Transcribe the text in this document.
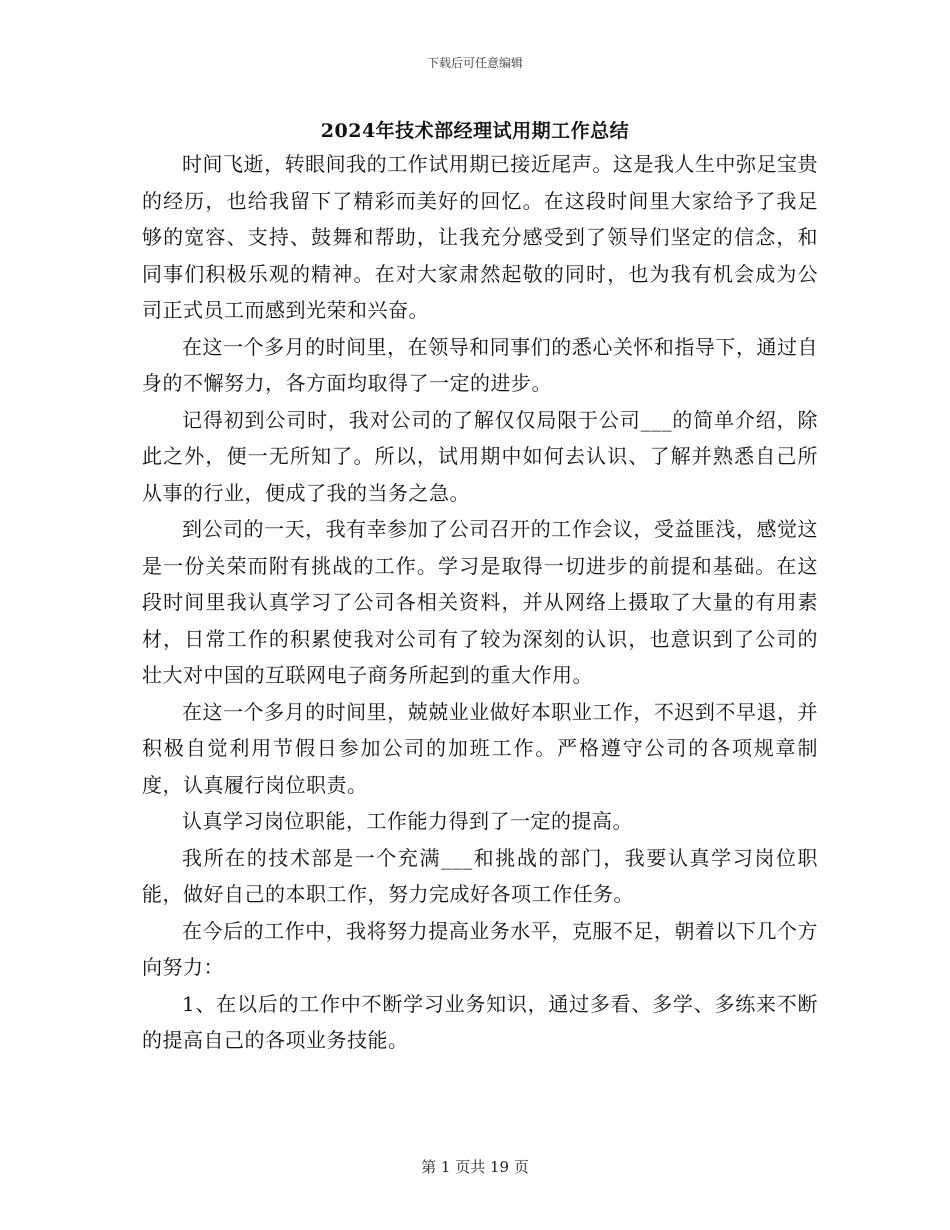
下载后可任意编辑
2024年技术部经理试用期工作总结

时间飞逝，转眼间我的工作试用期已接近尾声。这是我人生中弥足宝贵的经历，也给我留下了精彩而美好的回忆。在这段时间里大家给予了我足够的宽容、支持、鼓舞和帮助，让我充分感受到了领导们坚定的信念，和同事们积极乐观的精神。在对大家肃然起敬的同时，也为我有机会成为公司正式员工而感到光荣和兴奋。

在这一个多月的时间里，在领导和同事们的悉心关怀和指导下，通过自身的不懈努力，各方面均取得了一定的进步。

记得初到公司时，我对公司的了解仅仅局限于公司___的简单介绍，除此之外，便一无所知了。所以，试用期中如何去认识、了解并熟悉自己所从事的行业，便成了我的当务之急。

到公司的一天，我有幸参加了公司召开的工作会议，受益匪浅，感觉这是一份关荣而附有挑战的工作。学习是取得一切进步的前提和基础。在这段时间里我认真学习了公司各相关资料，并从网络上摄取了大量的有用素材，日常工作的积累使我对公司有了较为深刻的认识，也意识到了公司的壮大对中国的互联网电子商务所起到的重大作用。

在这一个多月的时间里，兢兢业业做好本职业工作，不迟到不早退，并积极自觉利用节假日参加公司的加班工作。严格遵守公司的各项规章制度，认真履行岗位职责。

认真学习岗位职能，工作能力得到了一定的提高。

我所在的技术部是一个充满___和挑战的部门，我要认真学习岗位职能，做好自己的本职工作，努力完成好各项工作任务。

在今后的工作中，我将努力提高业务水平，克服不足，朝着以下几个方向努力：

1、在以后的工作中不断学习业务知识，通过多看、多学、多练来不断的提高自己的各项业务技能。

第 1 页共 19 页
